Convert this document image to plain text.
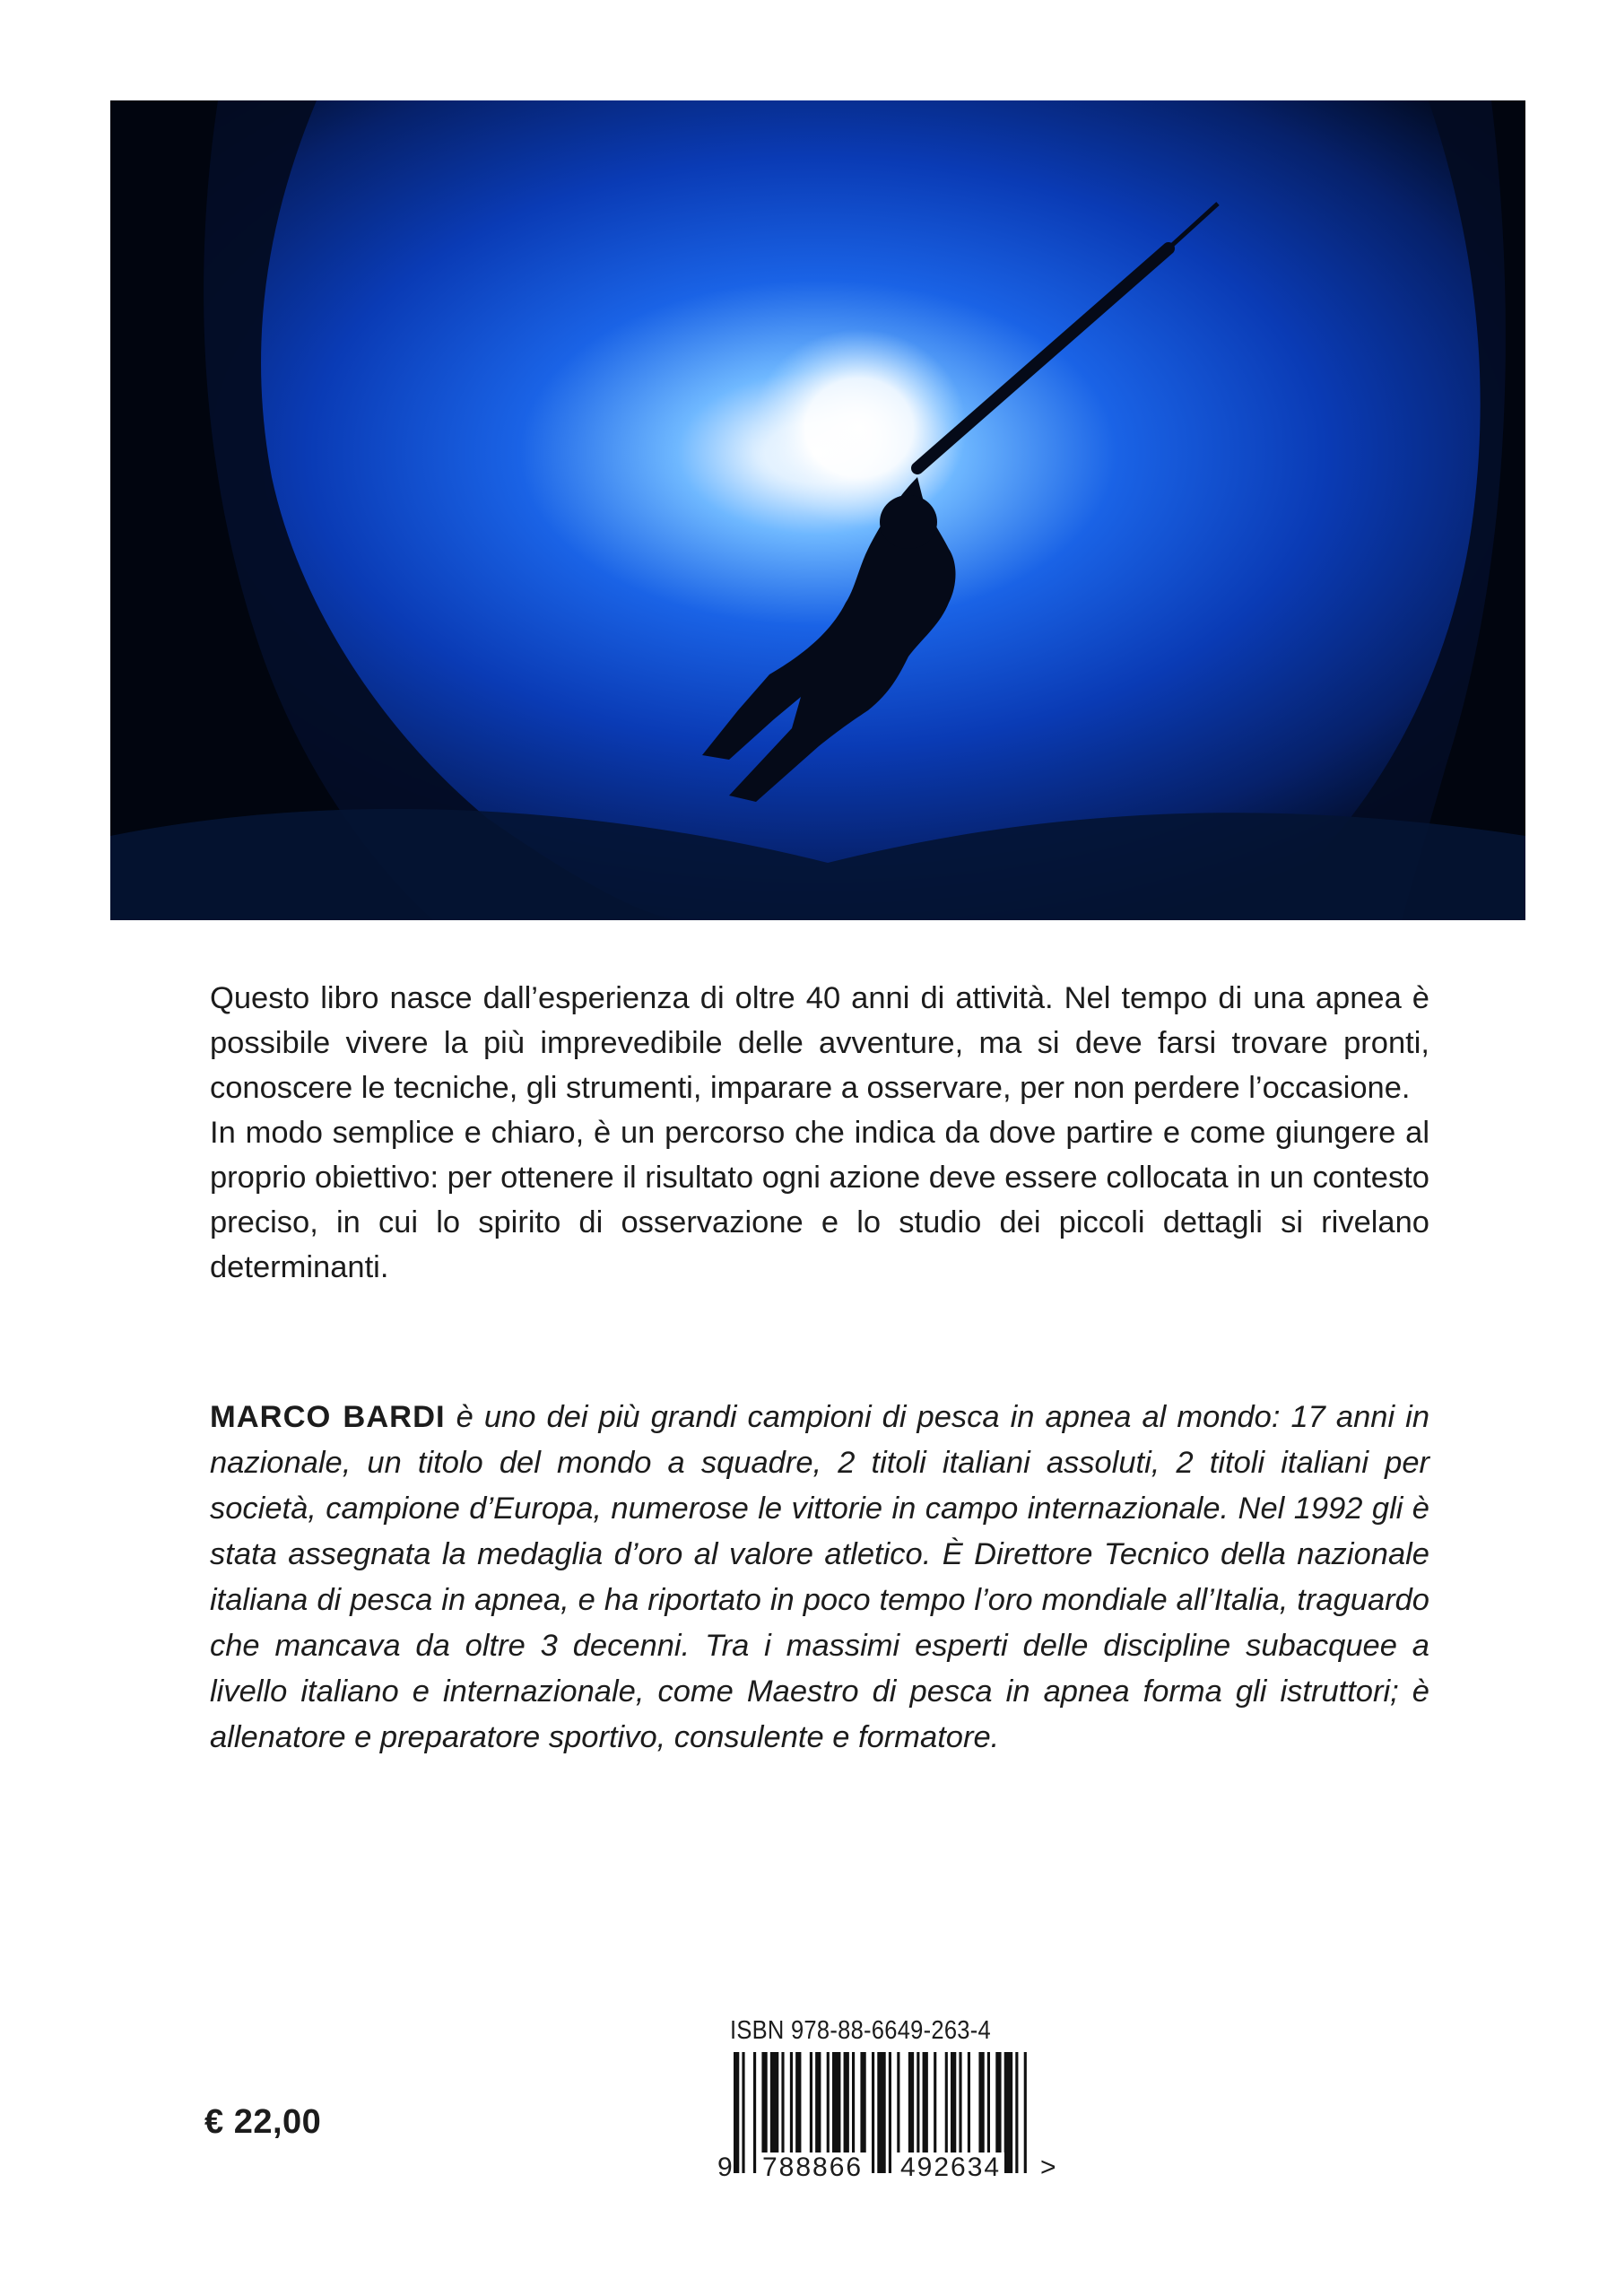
Questo libro nasce dall’esperienza di oltre 40 anni di attività. Nel tempo di una apnea è possibile vivere la più imprevedibile delle avventure, ma si deve farsi trovare pronti, conoscere le tecniche, gli strumenti, imparare a osservare, per non perdere l’occasione.

In modo semplice e chiaro, è un percorso che indica da dove partire e come giungere al proprio obiettivo: per ottenere il risultato ogni azione deve essere collocata in un contesto preciso, in cui lo spirito di osservazione e lo studio dei piccoli dettagli si rivelano determinanti.

MARCO BARDI è uno dei più grandi campioni di pesca in apnea al mondo: 17 anni in nazionale, un titolo del mondo a squadre, 2 titoli italiani assoluti, 2 titoli italiani per società, campione d’Europa, numerose le vittorie in campo internazionale. Nel 1992 gli è stata assegnata la medaglia d’oro al valore atletico. È Direttore Tecnico della nazionale italiana di pesca in apnea, e ha riportato in poco tempo l’oro mondiale all’Italia, traguardo che mancava da oltre 3 decenni. Tra i massimi esperti delle discipline subacquee a livello italiano e internazionale, come Maestro di pesca in apnea forma gli istruttori; è allenatore e preparatore sportivo, consulente e formatore.

€ 22,00
ISBN 978-88-6649-263-4
9 788866 492634 >
